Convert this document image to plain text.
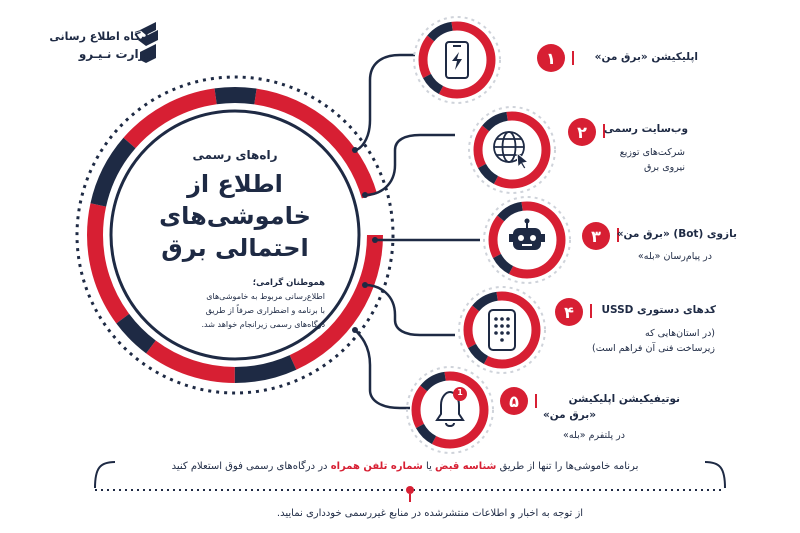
پایگاه اطلاع رسانی
وزارت نـیـرو
راه‌های رسمی
اطلاع از
خاموشی‌های
احتمالی برق
هموطنان گرامی؛
اطلاع‌رسانی مربوط به خاموشی‌های
با برنامه و اضطراری صرفاً از طریق
درگاه‌های رسمی زیرانجام خواهد شد.
۱	اپلیکیشن «برق من»
۲	وب‌سایت رسمی
شرکت‌های توزیع
نیروی برق
۳	بازوی (Bot) «برق من»
در پیام‌رسان «بله»
۴	کدهای دستوری USSD
(در استان‌هایی که
زیرساخت فنی آن فراهم است)
۵	نوتیفیکیشن اپلیکیشن
«برق من»
در پلتفرم «بله»
1
برنامه خاموشی‌ها را تنها از طریق شناسه قبض یا شماره تلفن همراه در درگاه‌های رسمی فوق استعلام کنید
از توجه به اخبار و اطلاعات منتشرشده در منابع غیررسمی خودداری نمایید.
